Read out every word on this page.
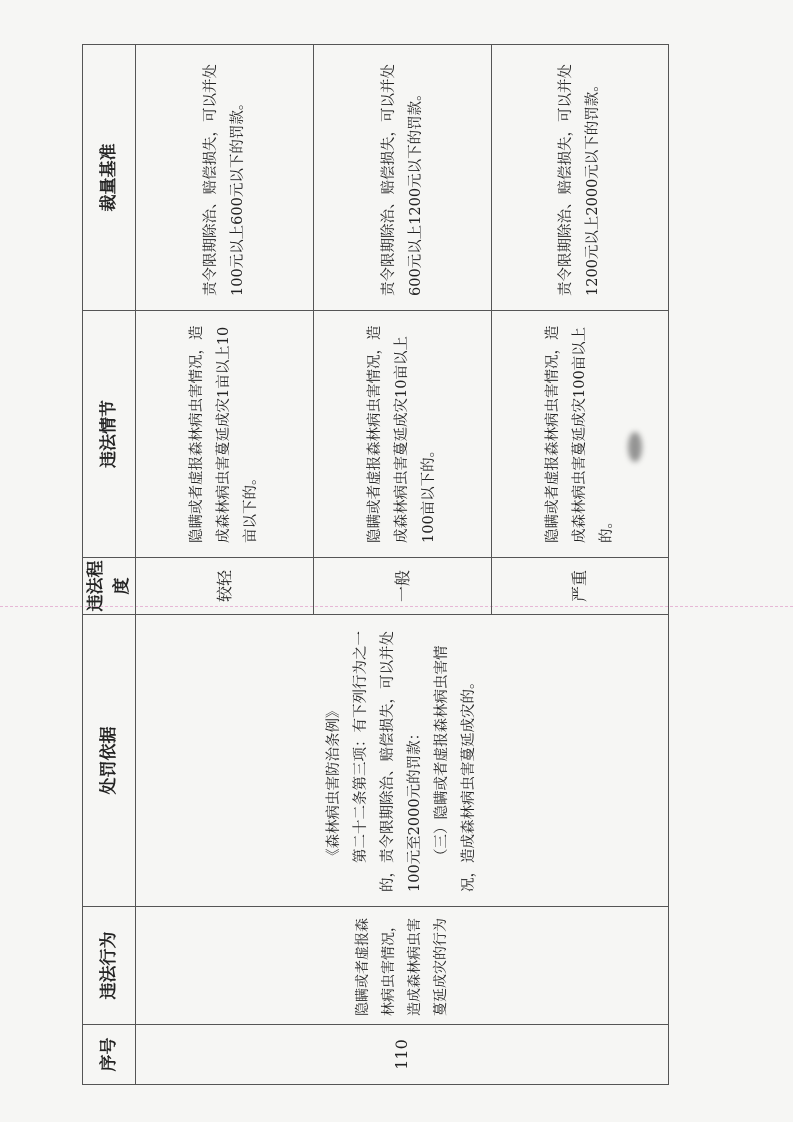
序号	违法行为	处罚依据	违法程度	违法情节	裁量基准
110	隐瞒或者虚报森林病虫害情况，造成森林病虫害蔓延成灾的行为	《森林病虫害防治条例》 第二十二条第三项：有下列行为之一的，责令限期除治、赔偿损失，可以并处100元至2000元的罚款： （三）隐瞒或者虚报森林病虫害情况，造成森林病虫害蔓延成灾的。	较轻	隐瞒或者虚报森林病虫害情况，造成森林病虫害蔓延成灾1亩以上10亩以下的。	责令限期除治、赔偿损失，可以并处100元以上600元以下的罚款。
			一般	隐瞒或者虚报森林病虫害情况，造成森林病虫害蔓延成灾10亩以上100亩以下的。	责令限期除治、赔偿损失，可以并处600元以上1200元以下的罚款。
			严重	隐瞒或者虚报森林病虫害情况，造成森林病虫害蔓延成灾100亩以上的。	责令限期除治、赔偿损失，可以并处1200元以上2000元以下的罚款。
